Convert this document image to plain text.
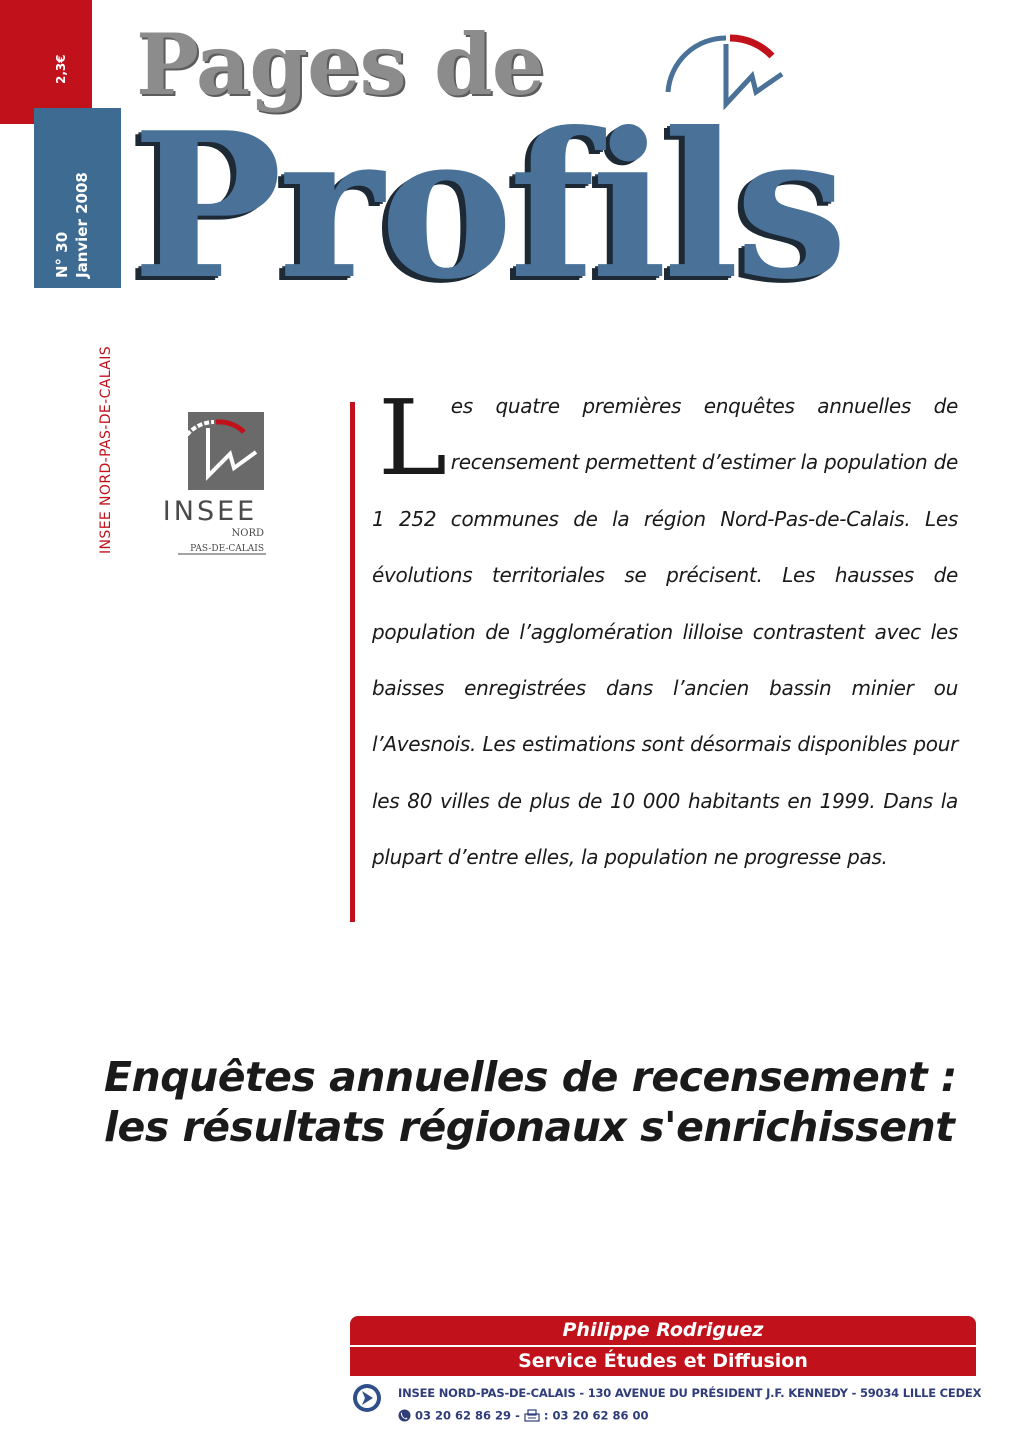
2,3€
N° 30 Janvier 2008
INSEE NORD-PAS-DE-CALAIS
Pages de
Profils
INSEE
NORD
PAS-DE-CALAIS

Les quatre premières enquêtes annuelles de recensement permettent d’estimer la population de 1 252 communes de la région Nord-Pas-de-Calais. Les évolutions territoriales se précisent. Les hausses de population de l’agglomération lilloise contrastent avec les baisses enregistrées dans l’ancien bassin minier ou l’Avesnois. Les estimations sont désormais disponibles pour les 80 villes de plus de 10 000 habitants en 1999. Dans la plupart d’entre elles, la population ne progresse pas.

Enquêtes annuelles de recensement :
les résultats régionaux s'enrichissent
Philippe Rodriguez
Service Études et Diffusion
INSEE NORD-PAS-DE-CALAIS - 130 AVENUE DU PRÉSIDENT J.F. KENNEDY - 59034 LILLE CEDEX
03 20 62 86 29 -  : 03 20 62 86 00
